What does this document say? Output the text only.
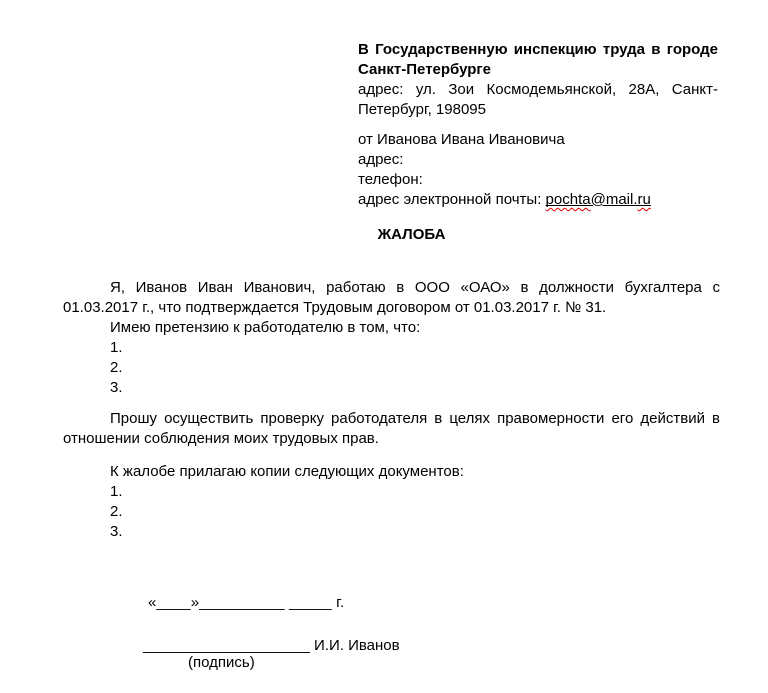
В Государственную инспекцию труда в городе Санкт-Петербурге
адрес: ул. Зои Космодемьянской, 28А, Санкт-Петербург, 198095
от Иванова Ивана Ивановича
адрес:
телефон:
адрес электронной почты: pochta@mail.ru
ЖАЛОБА
Я, Иванов Иван Иванович, работаю в ООО «ОАО» в должности бухгалтера с 01.03.2017 г., что подтверждается Трудовым договором от 01.03.2017 г. № 31.
Имею претензию к работодателю в том, что:
1.
2.
3.
Прошу осуществить проверку работодателя в целях правомерности его действий в отношении соблюдения моих трудовых прав.
К жалобе прилагаю копии следующих документов:
1.
2.
3.
«____»__________ _____ г.
____________________ И.И. Иванов
(подпись)
